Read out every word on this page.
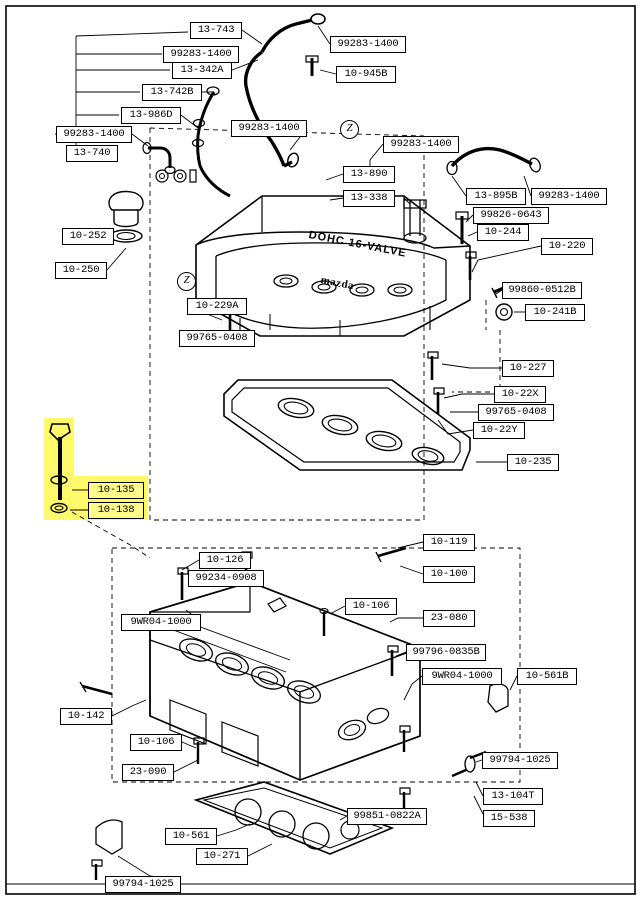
DOHC 16-VALVE
mazda
Z
Z
13-743
99283-1400
99283-1400
13-342A	10-945B
13-742B
13-986D
99283-1400
99283-1400
99283-1400
13-740
13-890
13-895B	99283-1400
13-338
99826-0643
10-252	10-244
10-220
10-250
99860-0512B
10-229A	10-241B
99765-0408
10-227
10-22X
99765-0408
10-22Y
10-235
10-135
10-138
10-119
10-126
10-100
99234-0908
10-106
23-080
9WR04-1000
99796-0835B
9WR04-1000	10-561B
10-142
10-106
99794-1025
23-090
13-104T
99851-0822A	15-538
10-561
10-271
99794-1025
